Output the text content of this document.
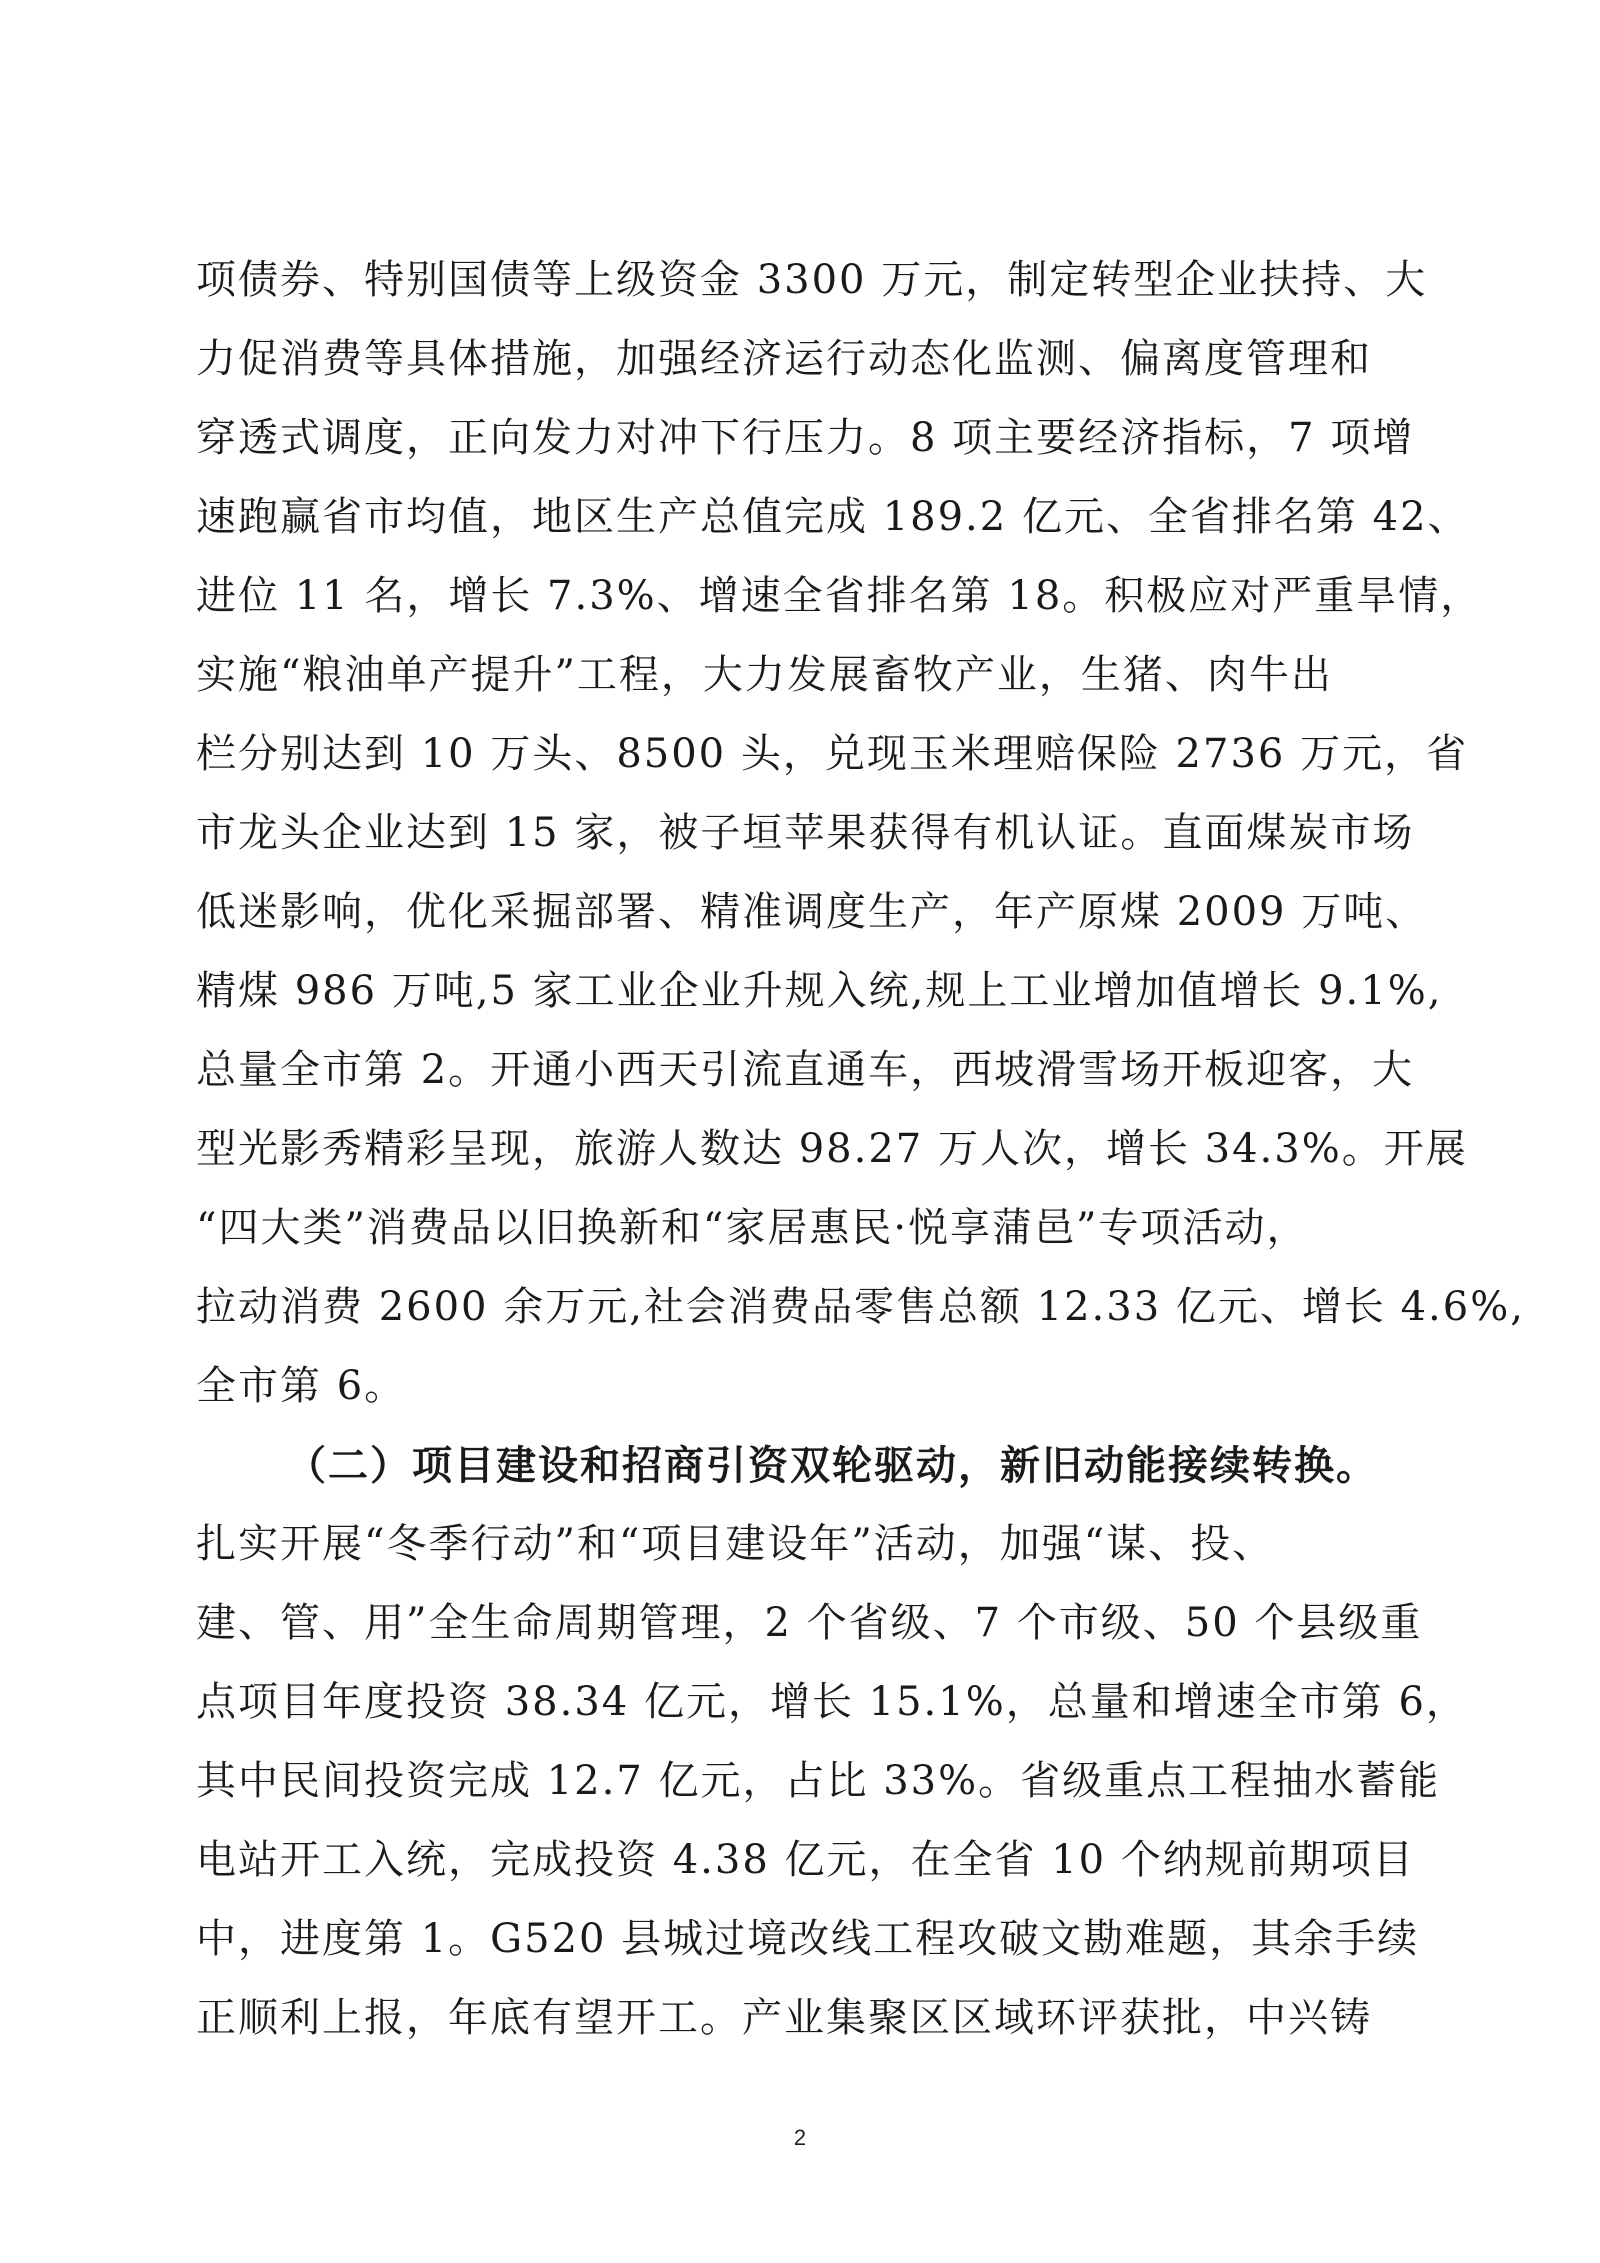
项债券、特别国债等上级资金 3300 万元，制定转型企业扶持、大
力促消费等具体措施，加强经济运行动态化监测、偏离度管理和
穿透式调度，正向发力对冲下行压力。8 项主要经济指标，7 项增
速跑赢省市均值，地区生产总值完成 189.2 亿元、全省排名第 42、
进位 11 名，增长 7.3%、增速全省排名第 18。积极应对严重旱情，
实施“粮油单产提升”工程，大力发展畜牧产业，生猪、肉牛出
栏分别达到 10 万头、8500 头，兑现玉米理赔保险 2736 万元，省
市龙头企业达到 15 家，被子垣苹果获得有机认证。直面煤炭市场
低迷影响，优化采掘部署、精准调度生产，年产原煤 2009 万吨、
精煤 986 万吨,5 家工业企业升规入统,规上工业增加值增长 9.1%,
总量全市第 2。开通小西天引流直通车，西坡滑雪场开板迎客，大
型光影秀精彩呈现，旅游人数达 98.27 万人次，增长 34.3%。开展
“四大类”消费品以旧换新和“家居惠民·悦享蒲邑”专项活动，
拉动消费 2600 余万元,社会消费品零售总额 12.33 亿元、增长 4.6%,
全市第 6。
（二）项目建设和招商引资双轮驱动，新旧动能接续转换。
扎实开展“冬季行动”和“项目建设年”活动，加强“谋、投、
建、管、用”全生命周期管理，2 个省级、7 个市级、50 个县级重
点项目年度投资 38.34 亿元，增长 15.1%，总量和增速全市第 6，
其中民间投资完成 12.7 亿元，占比 33%。省级重点工程抽水蓄能
电站开工入统，完成投资 4.38 亿元，在全省 10 个纳规前期项目
中，进度第 1。G520 县城过境改线工程攻破文勘难题，其余手续
正顺利上报，年底有望开工。产业集聚区区域环评获批，中兴铸
2
